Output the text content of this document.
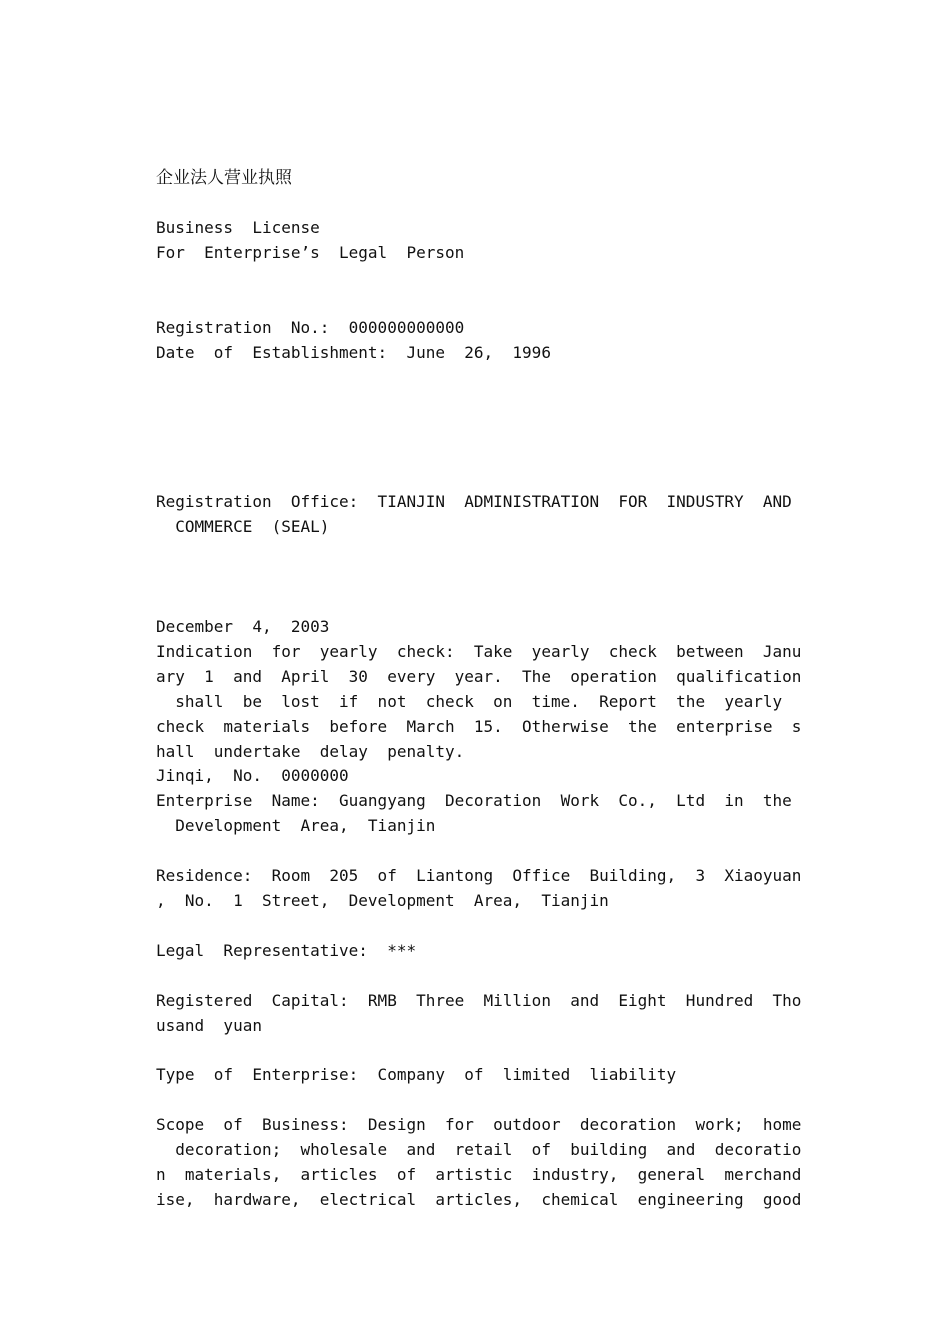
企业法人营业执照
Business  License
For  Enterprise’s  Legal  Person
Registration  No.:  000000000000
Date  of  Establishment:  June  26,  1996
Registration  Office:  TIANJIN  ADMINISTRATION  FOR  INDUSTRY  AND
COMMERCE  (SEAL)
December  4,  2003
Indication  for  yearly  check:  Take  yearly  check  between  Janu
ary  1  and  April  30  every  year.  The  operation  qualification
shall  be  lost  if  not  check  on  time.  Report  the  yearly
check  materials  before  March  15.  Otherwise  the  enterprise  s
hall  undertake  delay  penalty.
Jinqi,  No.  0000000
Enterprise  Name:  Guangyang  Decoration  Work  Co.,  Ltd  in  the
Development  Area,  Tianjin
Residence:  Room  205  of  Liantong  Office  Building,  3  Xiaoyuan
,  No.  1  Street,  Development  Area,  Tianjin
Legal  Representative:  ***
Registered  Capital:  RMB  Three  Million  and  Eight  Hundred  Tho
usand  yuan
Type  of  Enterprise:  Company  of  limited  liability
Scope  of  Business:  Design  for  outdoor  decoration  work;  home
decoration;  wholesale  and  retail  of  building  and  decoratio
n  materials,  articles  of  artistic  industry,  general  merchand
ise,  hardware,  electrical  articles,  chemical  engineering  good
